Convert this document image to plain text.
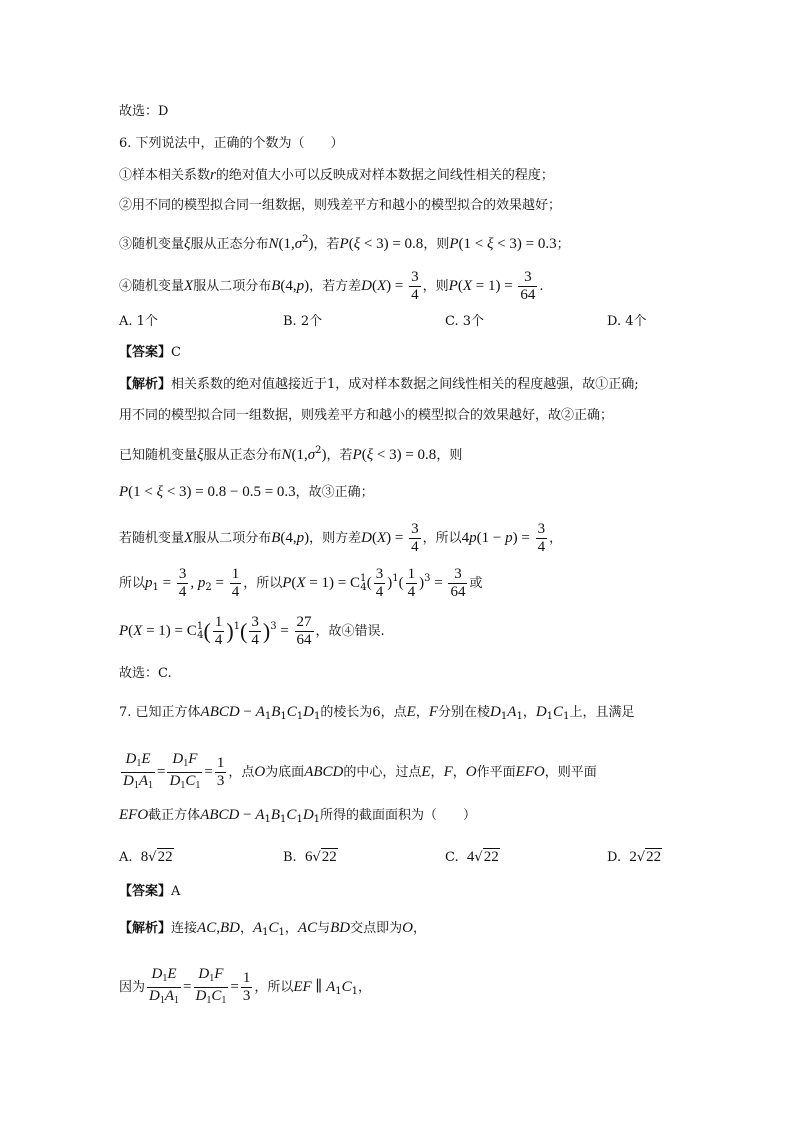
故选：D
6. 下列说法中，正确的个数为（　　）
①样本相关系数r的绝对值大小可以反映成对样本数据之间线性相关的程度；
②用不同的模型拟合同一组数据，则残差平方和越小的模型拟合的效果越好；
③随机变量ξ服从正态分布$N(1,\sigma^2)$，若P(ξ < 3) = 0.8，则P(1 < ξ < 3) = 0.3；
④随机变量X服从二项分布B(4,p)，若方差$D(X) = \frac{3}{4}$ ，则$P(X = 1) = \frac{3}{64}$ .
A. 1个	B. 2个	C. 3个	D. 4个
【答案】C
【解析】相关系数的绝对值越接近于1，成对样本数据之间线性相关的程度越强，故①正确;
用不同的模型拟合同一组数据，则残差平方和越小的模型拟合的效果越好，故②正确；
已知随机变量ξ服从正态分布$N(1,\sigma^2)$，若P(ξ < 3) = 0.8，则
P(1 < ξ < 3) = 0.8 − 0.5 = 0.3，故③正确；
若随机变量X服从二项分布B(4,p)，则方差$D(X) = \frac{3}{4}$ ，所以$4p(1 - p) = \frac{3}{4}$ ，
所以$p_1 = \frac{3}{4}$ , $p_2 = \frac{1}{4}$ ，所以$P(X = 1) = C^1_4( \frac{3}{4} )^1( \frac{1}{4} )^3 = \frac{3}{64}$ 或
$P(X = 1) = C^1_4( \frac{1}{4} )^1( \frac{3}{4} )^3 = \frac{27}{64}$ ，故④错误.
故选：C.
7. 已知正方体ABCD − $A_1B_1C_1D_1$的棱长为6，点E，F分别在棱$D_1A_1$，$D_1C_1$上，且满足
$\frac{D_1E}{D_1A_1} = \frac{D_1F}{D_1C_1} = \frac{1}{3}$ ，点O为底面ABCD的中心，过点E，F，O作平面EFO，则平面
EFO截正方体ABCD − $A_1B_1C_1D_1$所得的截面面积为（　　）
A.  8√22	B.  6√22	C.  4√22	D.  2√22
【答案】A
【解析】连接AC,BD，$A_1C_1$，AC与BD交点即为O，
因为 $\frac{D_1E}{D_1A_1} = \frac{D_1F}{D_1C_1} = \frac{1}{3}$ ，所以EF ∥ $A_1C_1$，
